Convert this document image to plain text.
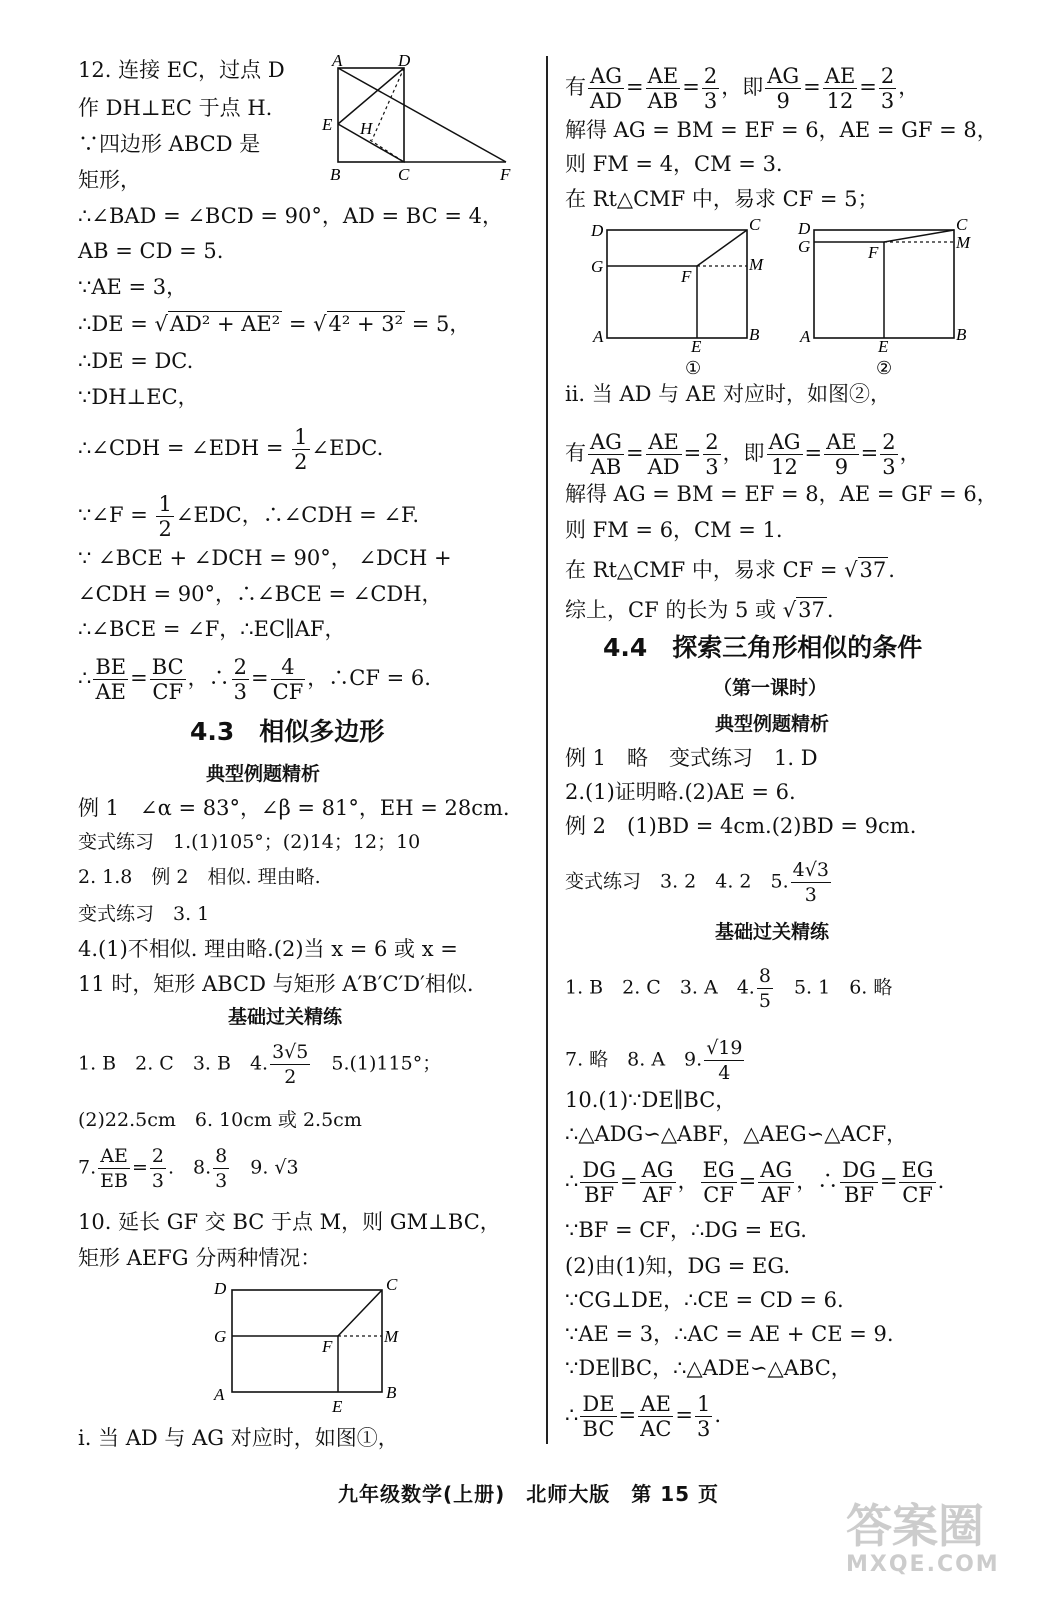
12. 连接 EC，过点 D
作 DH⊥EC 于点 H.
∵四边形 ABCD 是
矩形，
∴∠BAD = ∠BCD = 90°，AD = BC = 4，
AB = CD = 5.
∵AE = 3，
∴DE = √AD² + AE² = √4² + 3² = 5，
∴DE = DC.
∵DH⊥EC，
∴∠CDH = ∠EDH = $\frac{1}{2}$ ∠EDC.
∵∠F = $\frac{1}{2}$ ∠EDC，∴∠CDH = ∠F.
∵ ∠BCE + ∠DCH = 90°， ∠DCH +
∠CDH = 90°，∴∠BCE = ∠CDH，
∴∠BCE = ∠F，∴EC∥AF，
∴ $\frac{BE}{AE} = \frac{BC}{CF}$ ，∴ $\frac{2}{3} = \frac{4}{CF}$ ，∴CF = 6.
4.3　相似多边形
典型例题精析
例 1　∠α = 83°，∠β = 81°，EH = 28cm.
变式练习　1.(1)105°；(2)14；12；10
2. 1.8　例 2　相似. 理由略.
变式练习　3. 1
4.(1)不相似. 理由略.(2)当 x = 6 或 x =
11 时，矩形 ABCD 与矩形 A′B′C′D′相似.
基础过关精练
1. B　2. C　3. B　4. $\frac{3√5}{2}$ 　5.(1)115°；
(2)22.5cm　6. 10cm 或 2.5cm
7. $\frac{AE}{EB} = \frac{2}{3}$ .　8. $\frac{8}{3}$ 　9. √3
10. 延长 GF 交 BC 于点 M，则 GM⊥BC，
矩形 AEFG 分两种情况：
ⅰ. 当 AD 与 AG 对应时，如图①，
A	D
E H
B	C	F
D	C
G
F
M
A
E
B
有 $\frac{AG}{AD} = \frac{AE}{AB} = \frac{2}{3}$ ，即 $\frac{AG}{9} = \frac{AE}{12} = \frac{2}{3}$ ，
解得 AG = BM = EF = 6，AE = GF = 8，
则 FM = 4，CM = 3.
在 Rt△CMF 中，易求 CF = 5；
ⅱ. 当 AD 与 AE 对应时，如图②，
有 $\frac{AG}{AB} = \frac{AE}{AD} = \frac{2}{3}$ ，即 $\frac{AG}{12} = \frac{AE}{9} = \frac{2}{3}$ ，
解得 AG = BM = EF = 8，AE = GF = 6，
则 FM = 6，CM = 1.
在 Rt△CMF 中，易求 CF = √37.
综上，CF 的长为 5 或 √37.
4.4　探索三角形相似的条件
（第一课时）
典型例题精析
例 1　略　变式练习　1. D
2.(1)证明略.(2)AE = 6.
例 2　(1)BD = 4cm.(2)BD = 9cm.
变式练习　3. 2　4. 2　5. $\frac{4√3}{3}$
基础过关精练
1. B　2. C　3. A　4. $\frac{8}{5}$ 　5. 1　6. 略
7. 略　8. A　9. $\frac{√19}{4}$
10.(1)∵DE∥BC，
∴△ADG∽△ABF，△AEG∽△ACF，
∴ $\frac{DG}{BF} = \frac{AG}{AF}$ ， $\frac{EG}{CF} = \frac{AG}{AF}$ ，∴ $\frac{DG}{BF} = \frac{EG}{CF}$ .
∵BF = CF，∴DG = EG.
(2)由(1)知，DG = EG.
∵CG⊥DE，∴CE = CD = 6.
∵AE = 3，∴AC = AE + CE = 9.
∵DE∥BC，∴△ADE∽△ABC，
∴ $\frac{DE}{BC} = \frac{AE}{AC} = \frac{1}{3}$ .
D	C
G
F
M
A
E
B
①
D	C
G	F
M
A
E
B
②
九年级数学(上册)　北师大版　第 15 页
答案圈
MXQE.COM
